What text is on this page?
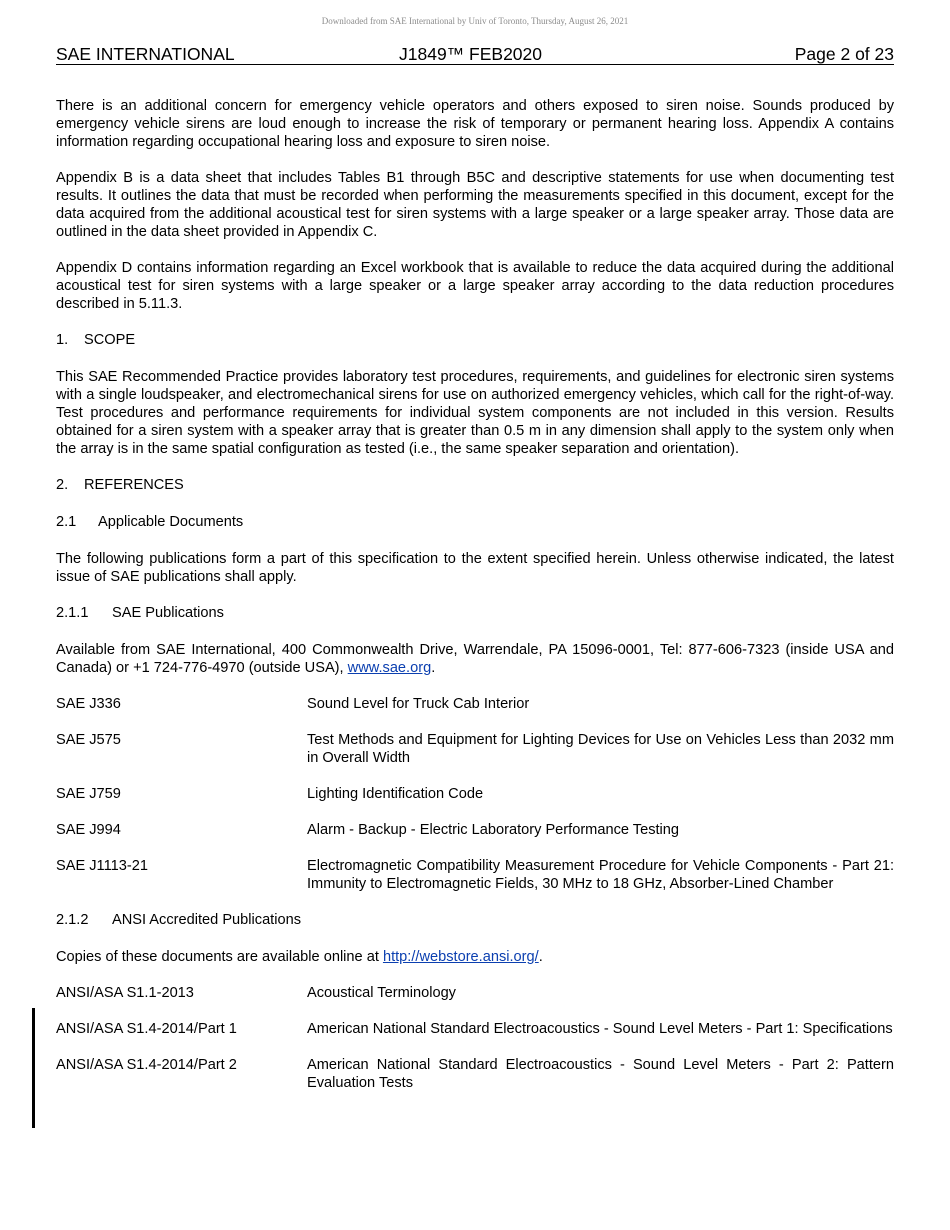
Downloaded from SAE International by Univ of Toronto, Thursday, August 26, 2021
SAE INTERNATIONAL	J1849™ FEB2020	Page 2 of 23

There is an additional concern for emergency vehicle operators and others exposed to siren noise. Sounds produced by emergency vehicle sirens are loud enough to increase the risk of temporary or permanent hearing loss. Appendix A contains information regarding occupational hearing loss and exposure to siren noise.

Appendix B is a data sheet that includes Tables B1 through B5C and descriptive statements for use when documenting test results. It outlines the data that must be recorded when performing the measurements specified in this document, except for the data acquired from the additional acoustical test for siren systems with a large speaker or a large speaker array. Those data are outlined in the data sheet provided in Appendix C.

Appendix D contains information regarding an Excel workbook that is available to reduce the data acquired during the additional acoustical test for siren systems with a large speaker or a large speaker array according to the data reduction procedures described in 5.11.3.

1. SCOPE

This SAE Recommended Practice provides laboratory test procedures, requirements, and guidelines for electronic siren systems with a single loudspeaker, and electromechanical sirens for use on authorized emergency vehicles, which call for the right-of-way. Test procedures and performance requirements for individual system components are not included in this version. Results obtained for a siren system with a speaker array that is greater than 0.5 m in any dimension shall apply to the system only when the array is in the same spatial configuration as tested (i.e., the same speaker separation and orientation).

2. REFERENCES
2.1 Applicable Documents

The following publications form a part of this specification to the extent specified herein. Unless otherwise indicated, the latest issue of SAE publications shall apply.

2.1.1 SAE Publications

Available from SAE International, 400 Commonwealth Drive, Warrendale, PA 15096-0001, Tel: 877-606-7323 (inside USA and Canada) or +1 724-776-4970 (outside USA), www.sae.org.

SAE J336	Sound Level for Truck Cab Interior
SAE J575	Test Methods and Equipment for Lighting Devices for Use on Vehicles Less than 2032 mm in Overall Width
SAE J759	Lighting Identification Code
SAE J994	Alarm - Backup - Electric Laboratory Performance Testing
SAE J1113-21	Electromagnetic Compatibility Measurement Procedure for Vehicle Components - Part 21: Immunity to Electromagnetic Fields, 30 MHz to 18 GHz, Absorber-Lined Chamber
2.1.2 ANSI Accredited Publications

Copies of these documents are available online at http://webstore.ansi.org/.

ANSI/ASA S1.1-2013	Acoustical Terminology
ANSI/ASA S1.4-2014/Part 1	American National Standard Electroacoustics - Sound Level Meters - Part 1: Specifications
ANSI/ASA S1.4-2014/Part 2	American National Standard Electroacoustics - Sound Level Meters - Part 2: Pattern Evaluation Tests
